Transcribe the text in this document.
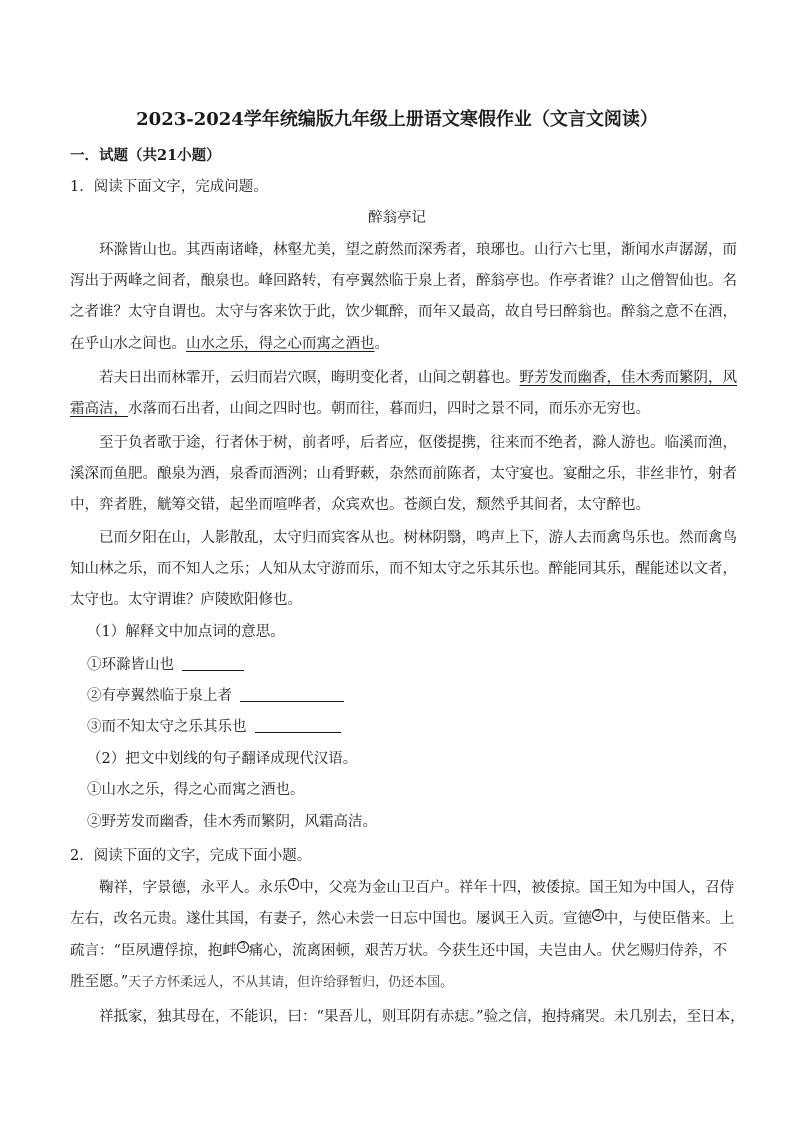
2023-2024学年统编版九年级上册语文寒假作业（文言文阅读）
一．试题（共21小题）
1．阅读下面文字，完成问题。
醉翁亭记
环滁皆山也。其西南诸峰，林壑尤美，望之蔚然而深秀者，琅琊也。山行六七里，渐闻水声潺潺，而
泻出于两峰之间者，酿泉也。峰回路转，有亭翼然临于泉上者，醉翁亭也。作亭者谁？山之僧智仙也。名
之者谁？太守自谓也。太守与客来饮于此，饮少辄醉，而年又最高，故自号曰醉翁也。醉翁之意不在酒，
在乎山水之间也。山水之乐，得之心而寓之酒也。
若夫日出而林霏开，云归而岩穴暝，晦明变化者，山间之朝暮也。野芳发而幽香，佳木秀而繁阴，风
霜高洁，水落而石出者，山间之四时也。朝而往，暮而归，四时之景不同，而乐亦无穷也。
至于负者歌于途，行者休于树，前者呼，后者应，伛偻提携，往来而不绝者，滁人游也。临溪而渔，
溪深而鱼肥。酿泉为酒，泉香而酒洌；山肴野蔌，杂然而前陈者，太守宴也。宴酣之乐，非丝非竹，射者
中，弈者胜，觥筹交错，起坐而喧哗者，众宾欢也。苍颜白发，颓然乎其间者，太守醉也。
已而夕阳在山，人影散乱，太守归而宾客从也。树林阴翳，鸣声上下，游人去而禽鸟乐也。然而禽鸟
知山林之乐，而不知人之乐；人知从太守游而乐，而不知太守之乐其乐也。醉能同其乐，醒能述以文者，
太守也。太守谓谁？庐陵欧阳修也。
（1）解释文中加点词的意思。
①环滁皆山也
②有亭翼然临于泉上者
③而不知太守之乐其乐也
（2）把文中划线的句子翻译成现代汉语。
①山水之乐，得之心而寓之酒也。
②野芳发而幽香，佳木秀而繁阴，风霜高洁。
2．阅读下面的文字，完成下面小题。
鞠祥，字景德，永平人。永乐 $^1$ 中，父亮为金山卫百户。祥年十四，被倭掠。国王知为中国人，召侍
左右，改名元贵。遂仕其国，有妻子，然心未尝一日忘中国也。屡讽王入贡。宣德 $^2$ 中，与使臣偕来。上
疏言：“臣夙遭俘掠，抱衅 $^3$ 痛心，流离困顿，艰苦万状。今获生还中国，夫岂由人。伏乞赐归侍养，不
胜至愿。”天子方怀柔远人，不从其请，但许给驿暂归，仍还本国。
祥抵家，独其母在，不能识，曰：“果吾儿，则耳阴有赤痣。”验之信，抱持痛哭。未几别去，至日本，
